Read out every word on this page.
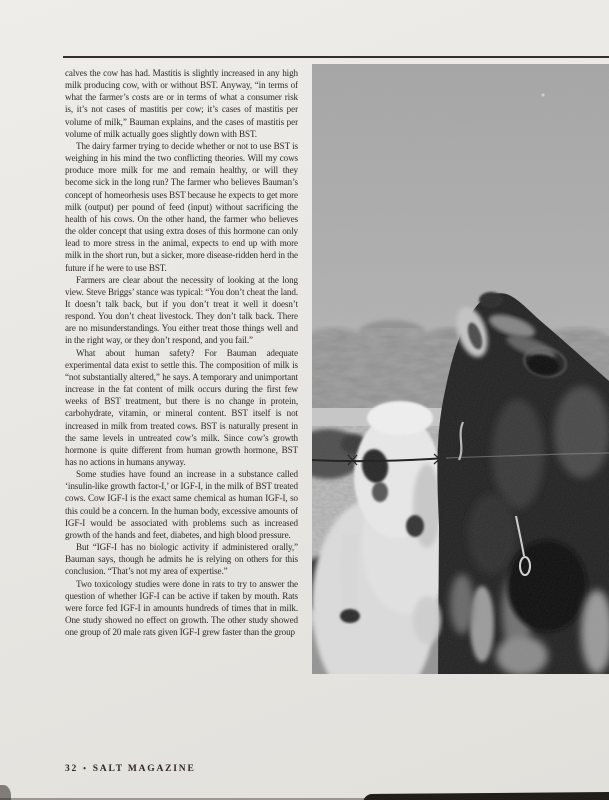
calves the cow has had. Mastitis is slightly increased in any high milk producing cow, with or without BST. Anyway, “in terms of what the farmer’s costs are or in terms of what a consumer risk is, it’s not cases of mastitis per cow; it’s cases of mastitis per volume of milk,” Bauman explains, and the cases of mastitis per volume of milk actually goes slightly down with BST.

The dairy farmer trying to decide whether or not to use BST is weighing in his mind the two conflicting theories. Will my cows produce more milk for me and remain healthy, or will they become sick in the long run? The farmer who believes Bauman’s concept of homeorhesis uses BST because he expects to get more milk (output) per pound of feed (input) without sacrificing the health of his cows. On the other hand, the farmer who believes the older concept that using extra doses of this hormone can only lead to more stress in the animal, expects to end up with more milk in the short run, but a sicker, more disease-ridden herd in the future if he were to use BST.

Farmers are clear about the necessity of looking at the long view. Steve Briggs’ stance was typical: “You don’t cheat the land. It doesn’t talk back, but if you don’t treat it well it doesn’t respond. You don’t cheat livestock. They don’t talk back. There are no misunderstandings. You either treat those things well and in the right way, or they don’t respond, and you fail.”

What about human safety? For Bauman adequate experimental data exist to settle this. The composition of milk is “not substantially altered,” he says. A temporary and unimportant increase in the fat content of milk occurs during the first few weeks of BST treatment, but there is no change in protein, carbohydrate, vitamin, or mineral content. BST itself is not increased in milk from treated cows. BST is naturally present in the same levels in untreated cow’s milk. Since cow’s growth hormone is quite different from human growth hormone, BST has no actions in humans anyway.

Some studies have found an increase in a substance called ‘insulin-like growth factor-I,’ or IGF-I, in the milk of BST treated cows. Cow IGF-I is the exact same chemical as human IGF-I, so this could be a concern. In the human body, excessive amounts of IGF-I would be associated with problems such as increased growth of the hands and feet, diabetes, and high blood pressure.

But “IGF-I has no biologic activity if administered orally,” Bauman says, though he admits he is relying on others for this conclusion. “That’s not my area of expertise.”

Two toxicology studies were done in rats to try to answer the question of whether IGF-I can be active if taken by mouth. Rats were force fed IGF-I in amounts hundreds of times that in milk. One study showed no effect on growth. The other study showed one group of 20 male rats given IGF-I grew faster than the group

32 • SALT MAGAZINE
